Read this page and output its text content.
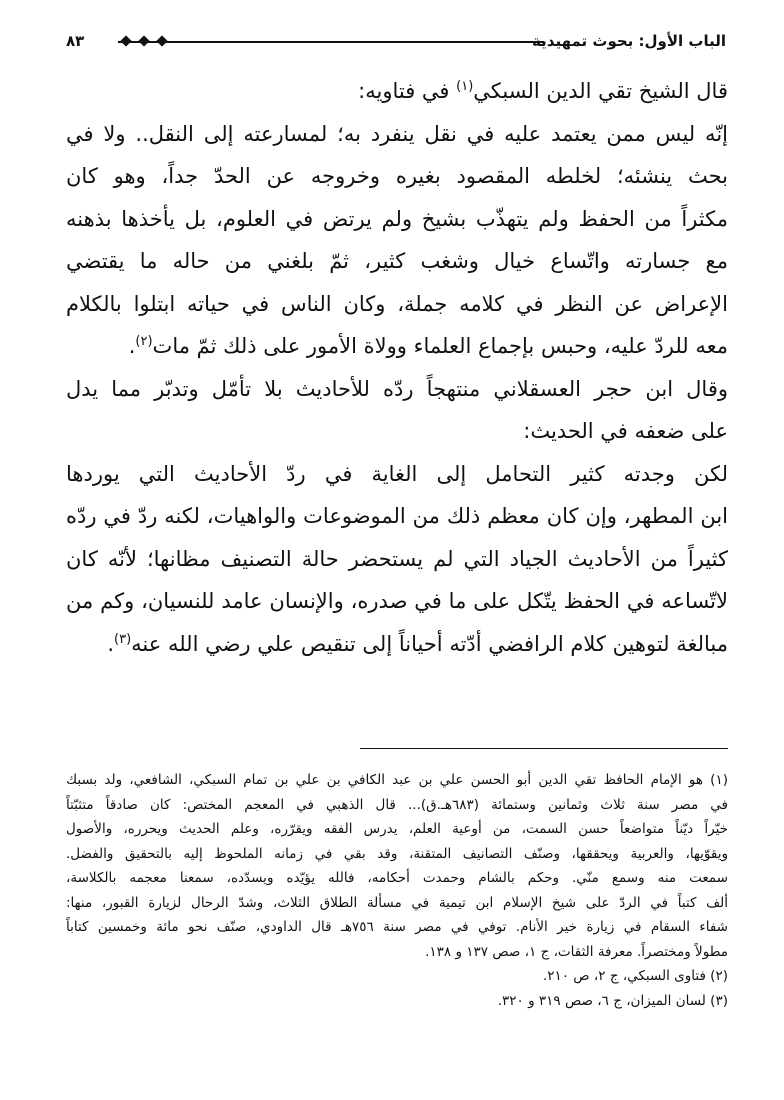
الباب الأول: بحوث تمهيدية
٨٣
قال الشيخ تقي الدين السبكي$^{(١)}$ في فتاويه:
إنّه ليس ممن يعتمد عليه في نقل ينفرد به؛ لمسارعته إلى النقل.. ولا في
بحث ينشئه؛ لخلطه المقصود بغيره وخروجه عن الحدّ جداً، وهو كان
مكثراً من الحفظ ولم يتهذّب بشيخ ولم يرتض في العلوم، بل يأخذها بذهنه
مع جسارته واتّساع خيال وشغب كثير، ثمّ بلغني من حاله ما يقتضي
الإعراض عن النظر في كلامه جملة، وكان الناس في حياته ابتلوا بالكلام
معه للردّ عليه، وحبس بإجماع العلماء وولاة الأمور على ذلك ثمّ مات$^{(٢)}$.
وقال ابن حجر العسقلاني منتهجاً ردّه للأحاديث بلا تأمّل وتدبّر مما يدل
على ضعفه في الحديث:
لكن وجدته كثير التحامل إلى الغاية في ردّ الأحاديث التي يوردها
ابن المطهر، وإن كان معظم ذلك من الموضوعات والواهيات، لكنه ردّ في ردّه
كثيراً من الأحاديث الجياد التي لم يستحضر حالة التصنيف مظانها؛ لأنّه كان
لاتّساعه في الحفظ يتّكل على ما في صدره، والإنسان عامد للنسيان، وكم من
مبالغة لتوهين كلام الرافضي أدّته أحياناً إلى تنقيص علي رضي الله عنه$^{(٣)}$.
(١) هو الإمام الحافظ تقي الدين أبو الحسن علي بن عبد الكافي بن علي بن تمام السبكي، الشافعي، ولد بسبك
في مصر سنة ثلاث وثمانين وستمائة (٦٨٣هـ.ق)... قال الذهبي في المعجم المختص: كان صادقاً متثبّتاً
خيّراً ديّناً متواضعاً حسن السمت، من أوعية العلم، يدرس الفقه ويقرّره، وعلم الحديث ويحرره، والأصول
ويقوّيها، والعربية ويحققها، وصنّف التصانيف المتقنة، وقد بقي في زمانه الملحوظ إليه بالتحقيق والفضل.
سمعت منه وسمع منّي. وحكم بالشام وحمدت أحكامه، فالله يؤيّده ويسدّده، سمعنا معجمه بالكلاسة،
ألف كتباً في الردّ على شيخ الإسلام ابن تيمية في مسألة الطلاق الثلاث، وشدّ الرحال لزيارة القبور، منها:
شفاء السقام في زيارة خير الأنام. توفي في مصر سنة ٧٥٦هـ قال الداودي، صنّف نحو مائة وخمسين كتاباً
مطولاً ومختصراً. معرفة الثقات، ج ١، صص ١٣٧ و ١٣٨.
(٢) فتاوى السبكي، ج ٢، ص ٢١٠.
(٣) لسان الميزان، ج ٦، صص ٣١٩ و ٣٢٠.
